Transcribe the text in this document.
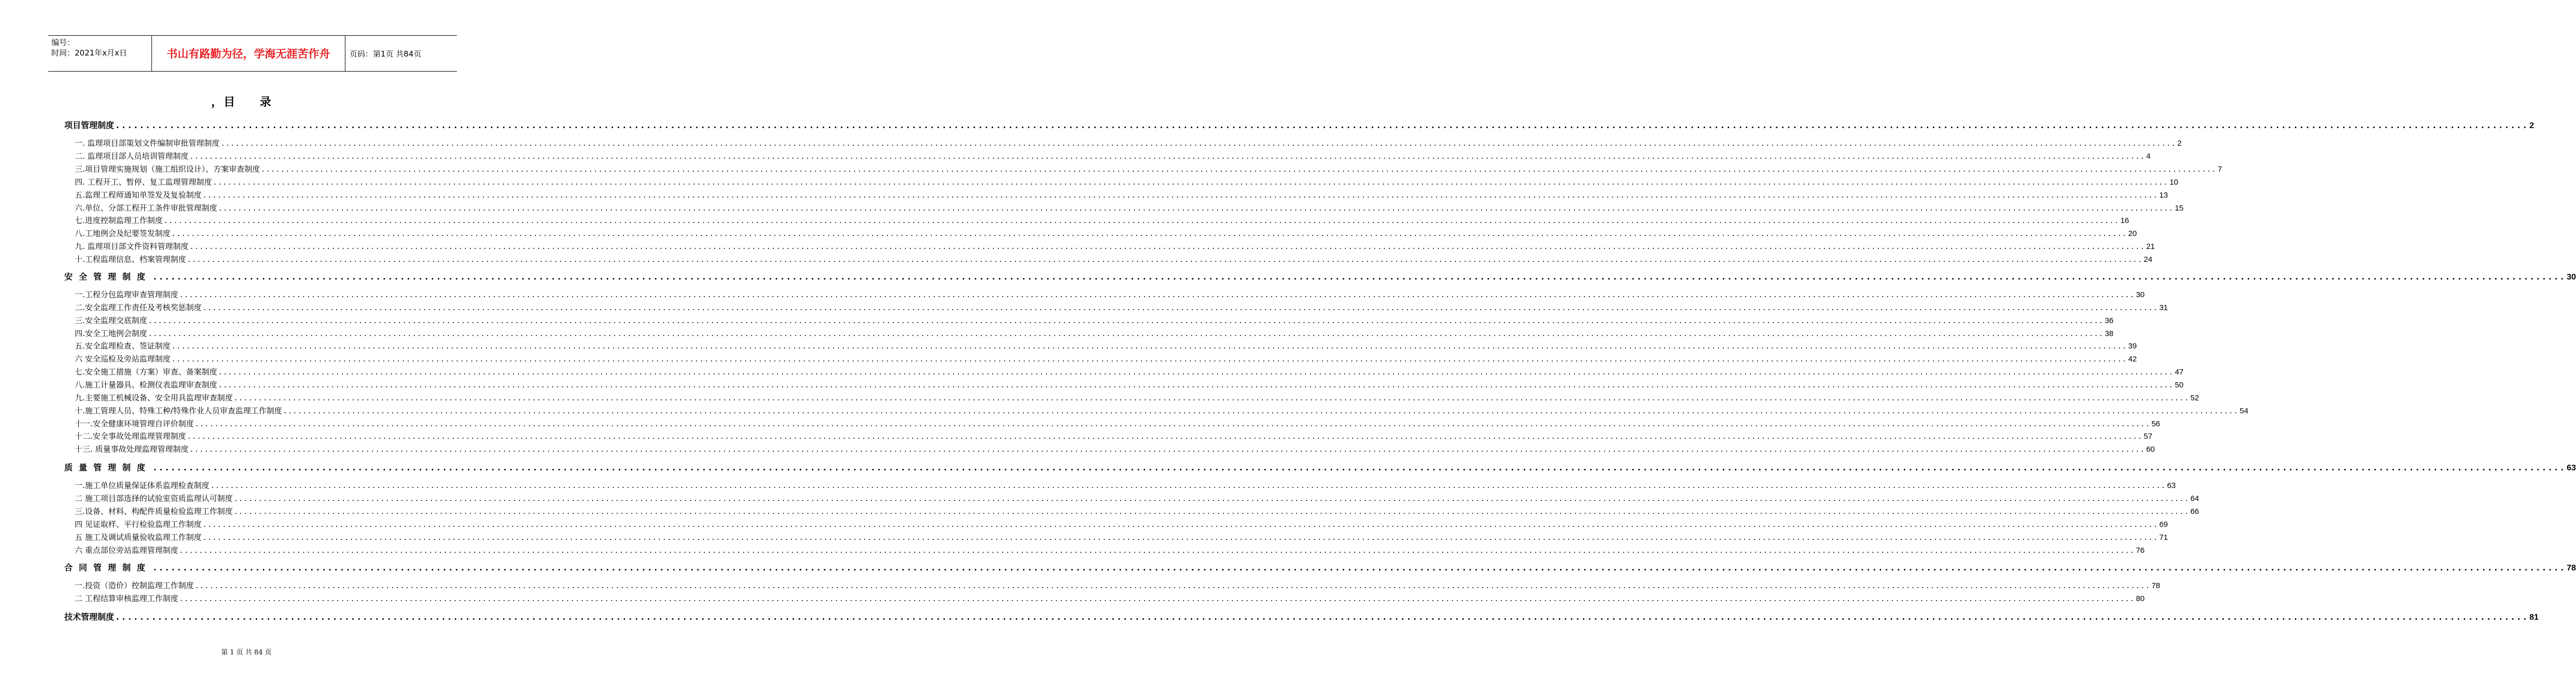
编号：
时间：2021年x月x日	书山有路勤为径，学海无涯苦作舟	页码：第1页 共84页
，目 录
项目管理制度 ................................................................................................................................................................................................................................................................................................................................................................................................................ 2
一. 监理项目部策划文件编制审批管理制度 ................................................................................................................................................................................................................................................................................................................................................................................................................ 2
二. 监理项目部人员培训管理制度 ................................................................................................................................................................................................................................................................................................................................................................................................................ 4
三.项目管理实施规划（施工组织设计）、方案审查制度 ................................................................................................................................................................................................................................................................................................................................................................................................................ 7
四. 工程开工、暂停、复工监理管理制度 ................................................................................................................................................................................................................................................................................................................................................................................................................ 10
五.监理工程师通知单签发及复验制度 ................................................................................................................................................................................................................................................................................................................................................................................................................ 13
六.单位、分部工程开工条件审批管理制度 ................................................................................................................................................................................................................................................................................................................................................................................................................ 15
七.进度控制监理工作制度 ................................................................................................................................................................................................................................................................................................................................................................................................................ 16
八.工地例会及纪要签发制度 ................................................................................................................................................................................................................................................................................................................................................................................................................ 20
九. 监理项目部文件资料管理制度 ................................................................................................................................................................................................................................................................................................................................................................................................................ 21
十.工程监理信息、档案管理制度 ................................................................................................................................................................................................................................................................................................................................................................................................................ 24
安全管理制度 ................................................................................................................................................................................................................................................................................................................................................................................................................ 30
一.工程分包监理审查管理制度 ................................................................................................................................................................................................................................................................................................................................................................................................................ 30
二.安全监理工作责任及考核奖惩制度 ................................................................................................................................................................................................................................................................................................................................................................................................................ 31
三.安全监理交底制度 ................................................................................................................................................................................................................................................................................................................................................................................................................ 36
四.安全工地例会制度 ................................................................................................................................................................................................................................................................................................................................................................................................................ 38
五.安全监理检查、签证制度 ................................................................................................................................................................................................................................................................................................................................................................................................................ 39
六 安全巡检及旁站监理制度 ................................................................................................................................................................................................................................................................................................................................................................................................................ 42
七.安全施工措施（方案）审查、备案制度 ................................................................................................................................................................................................................................................................................................................................................................................................................ 47
八.施工计量器具、检测仪表监理审查制度 ................................................................................................................................................................................................................................................................................................................................................................................................................ 50
九.主要施工机械设备、安全用具监理审查制度 ................................................................................................................................................................................................................................................................................................................................................................................................................ 52
十.施工管理人员、特殊工种/特殊作业人员审查监理工作制度 ................................................................................................................................................................................................................................................................................................................................................................................................................ 54
十一.安全健康环境管理自评价制度 ................................................................................................................................................................................................................................................................................................................................................................................................................ 56
十二.安全事故处理监理管理制度 ................................................................................................................................................................................................................................................................................................................................................................................................................ 57
十三. 质量事故处理监理管理制度 ................................................................................................................................................................................................................................................................................................................................................................................................................ 60
质量管理制度 ................................................................................................................................................................................................................................................................................................................................................................................................................ 63
一.施工单位质量保证体系监理检查制度 ................................................................................................................................................................................................................................................................................................................................................................................................................ 63
二 施工项目部选择的试验室资质监理认可制度 ................................................................................................................................................................................................................................................................................................................................................................................................................ 64
三.设备、材料、构配件质量检验监理工作制度 ................................................................................................................................................................................................................................................................................................................................................................................................................ 66
四 见证取样、平行检验监理工作制度 ................................................................................................................................................................................................................................................................................................................................................................................................................ 69
五 施工及调试质量验收监理工作制度 ................................................................................................................................................................................................................................................................................................................................................................................................................ 71
六 重点部位旁站监理管理制度 ................................................................................................................................................................................................................................................................................................................................................................................................................ 76
合同管理制度 ................................................................................................................................................................................................................................................................................................................................................................................................................ 78
一.投资（造价）控制监理工作制度 ................................................................................................................................................................................................................................................................................................................................................................................................................ 78
二 工程结算审核监理工作制度 ................................................................................................................................................................................................................................................................................................................................................................................................................ 80
技术管理制度 ................................................................................................................................................................................................................................................................................................................................................................................................................ 81
第 1 页 共 84 页
